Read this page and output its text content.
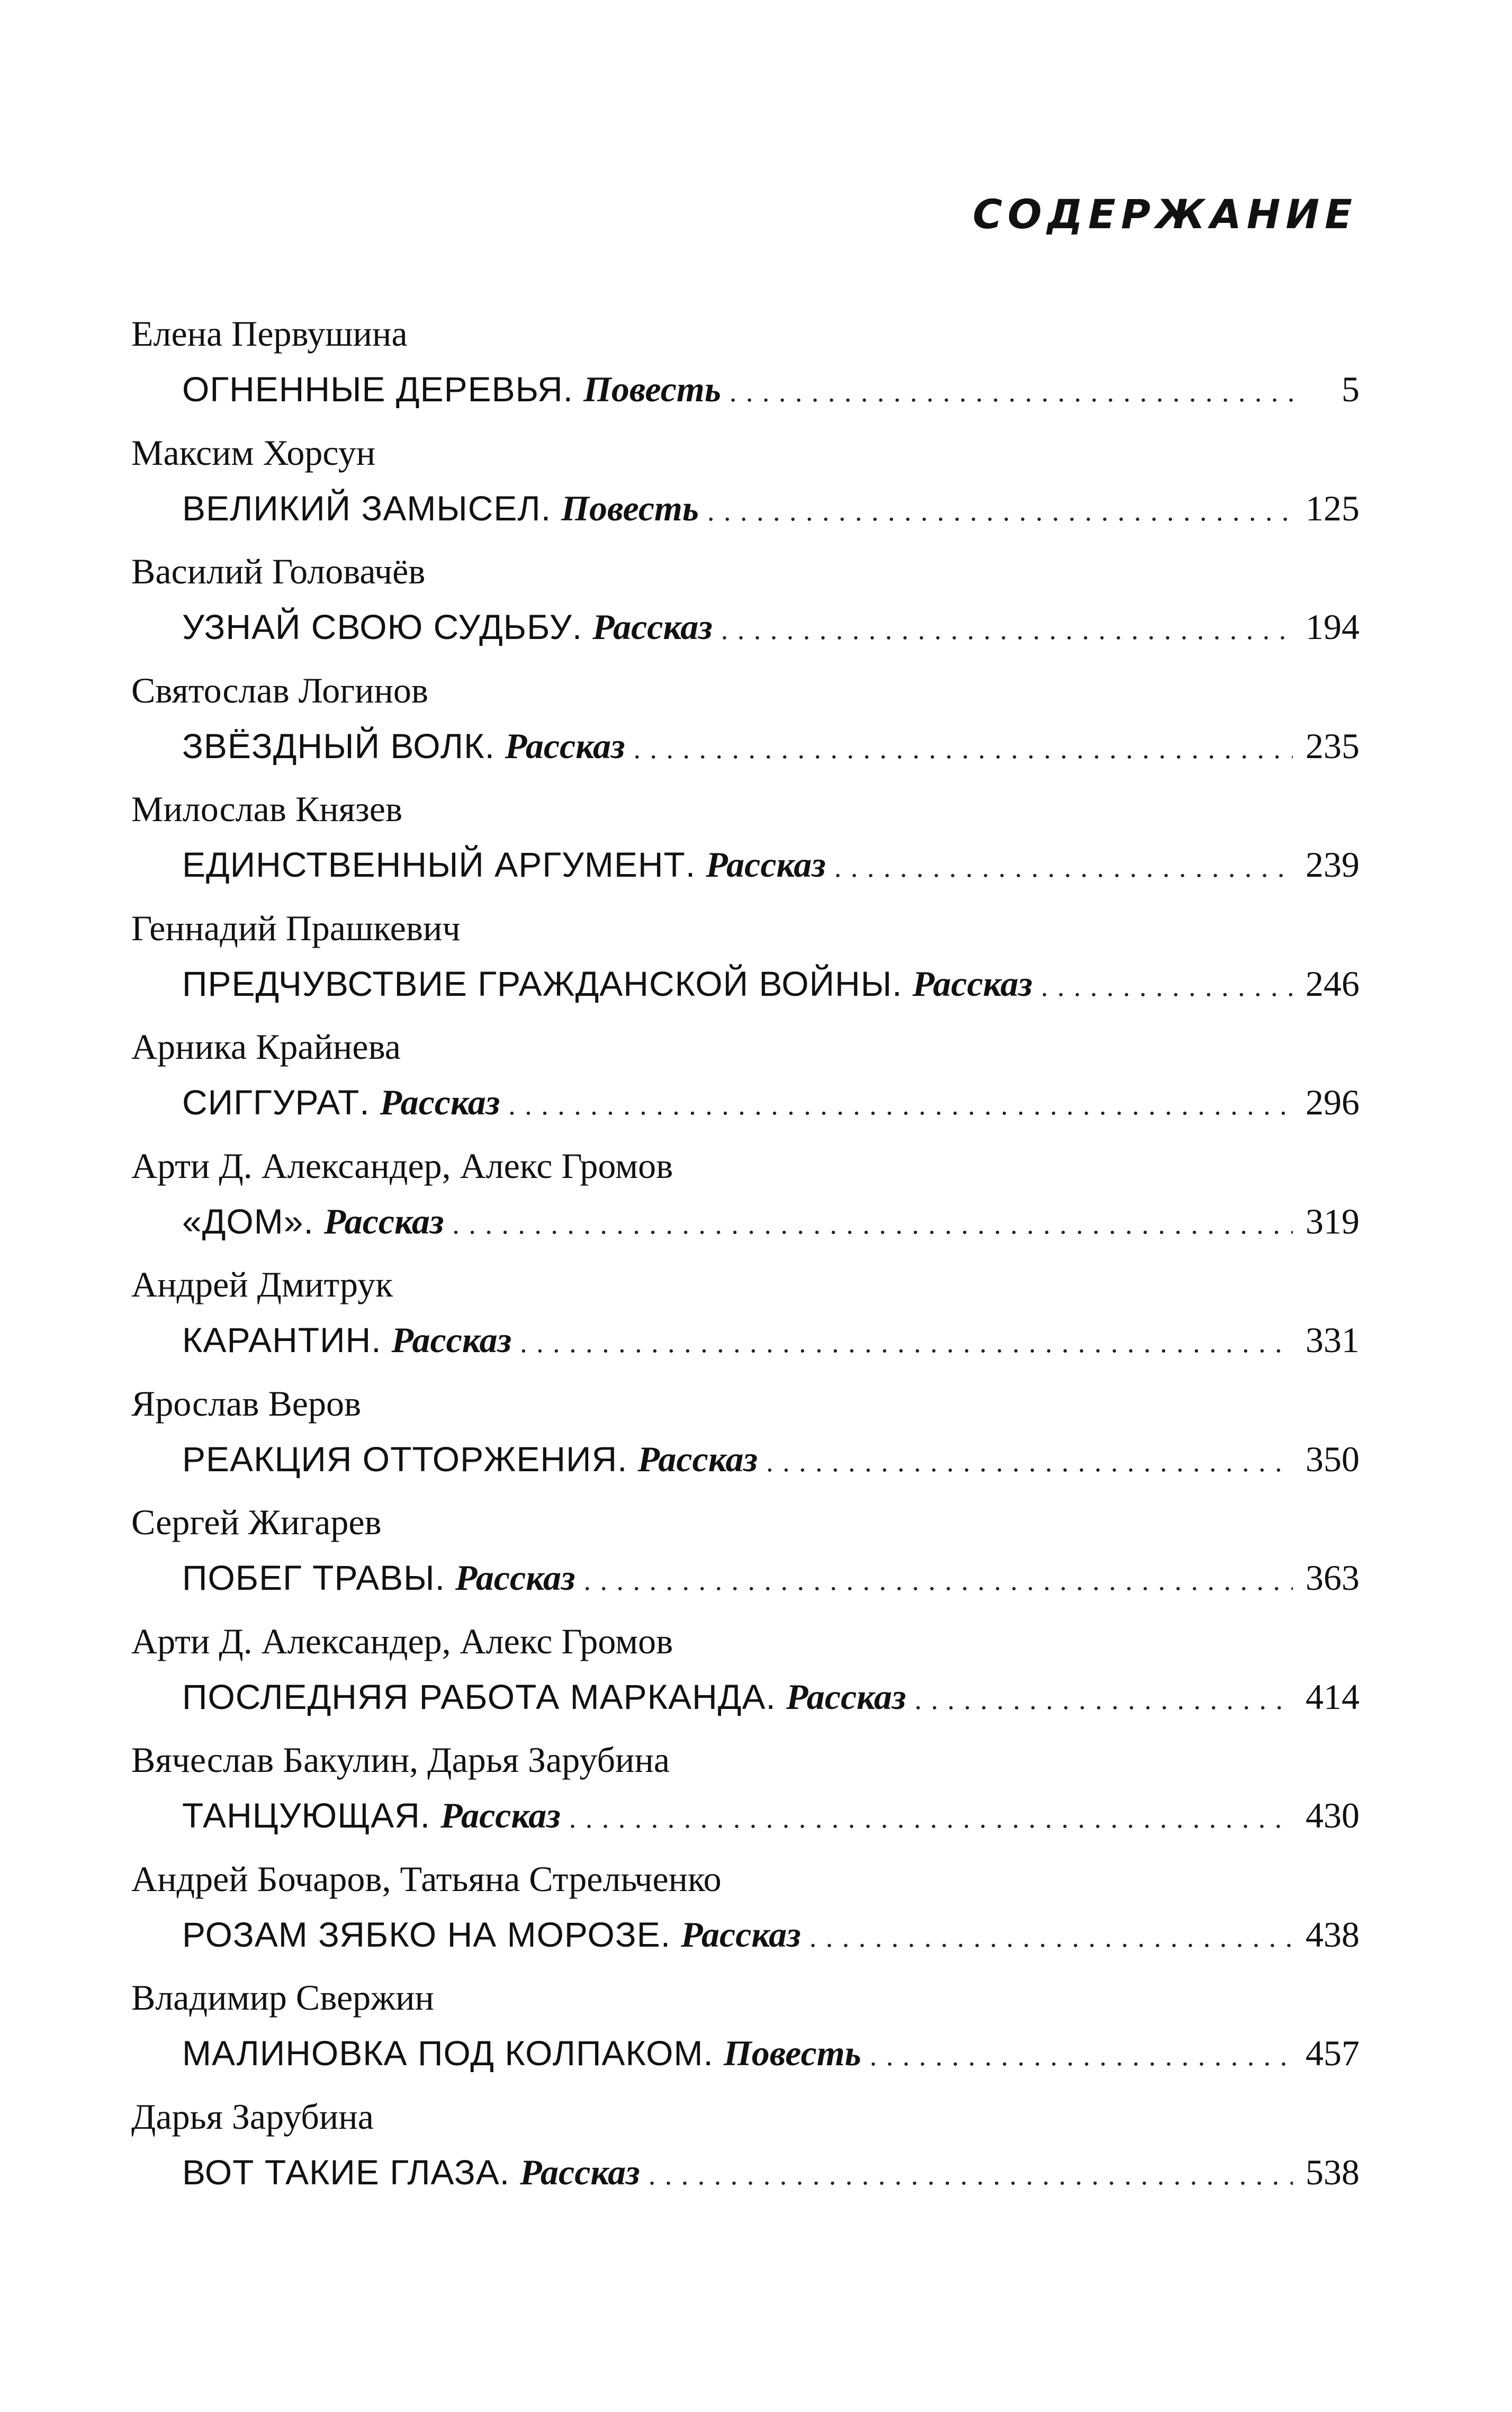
СОДЕРЖАНИЕ
Елена Первушина
ОГНЕННЫЕ ДЕРЕВЬЯ . Повесть . . .	5
Максим Хорсун
ВЕЛИКИЙ ЗАМЫСЕЛ . Повесть . . .	125
Василий Головачёв
УЗНАЙ СВОЮ СУДЬБУ . Рассказ . . .	194
Святослав Логинов
ЗВЁЗДНЫЙ ВОЛК . Рассказ . . .	235
Милослав Князев
ЕДИНСТВЕННЫЙ АРГУМЕНТ . Рассказ . . .	239
Геннадий Прашкевич
ПРЕДЧУВСТВИЕ ГРАЖДАНСКОЙ ВОЙНЫ . Рассказ . . .	246
Арника Крайнева
СИГГУРАТ . Рассказ . . .	296
Арти Д. Александер, Алекс Громов
«ДОМ» . Рассказ . . .	319
Андрей Дмитрук
КАРАНТИН . Рассказ . . .	331
Ярослав Веров
РЕАКЦИЯ ОТТОРЖЕНИЯ . Рассказ . . .	350
Сергей Жигарев
ПОБЕГ ТРАВЫ . Рассказ . . .	363
Арти Д. Александер, Алекс Громов
ПОСЛЕДНЯЯ РАБОТА МАРКАНДА . Рассказ . . .	414
Вячеслав Бакулин, Дарья Зарубина
ТАНЦУЮЩАЯ . Рассказ . . .	430
Андрей Бочаров, Татьяна Стрельченко
РОЗАМ ЗЯБКО НА МОРОЗЕ . Рассказ . . .	438
Владимир Свержин
МАЛИНОВКА ПОД КОЛПАКОМ . Повесть . . .	457
Дарья Зарубина
ВОТ ТАКИЕ ГЛАЗА . Рассказ . . .	538
